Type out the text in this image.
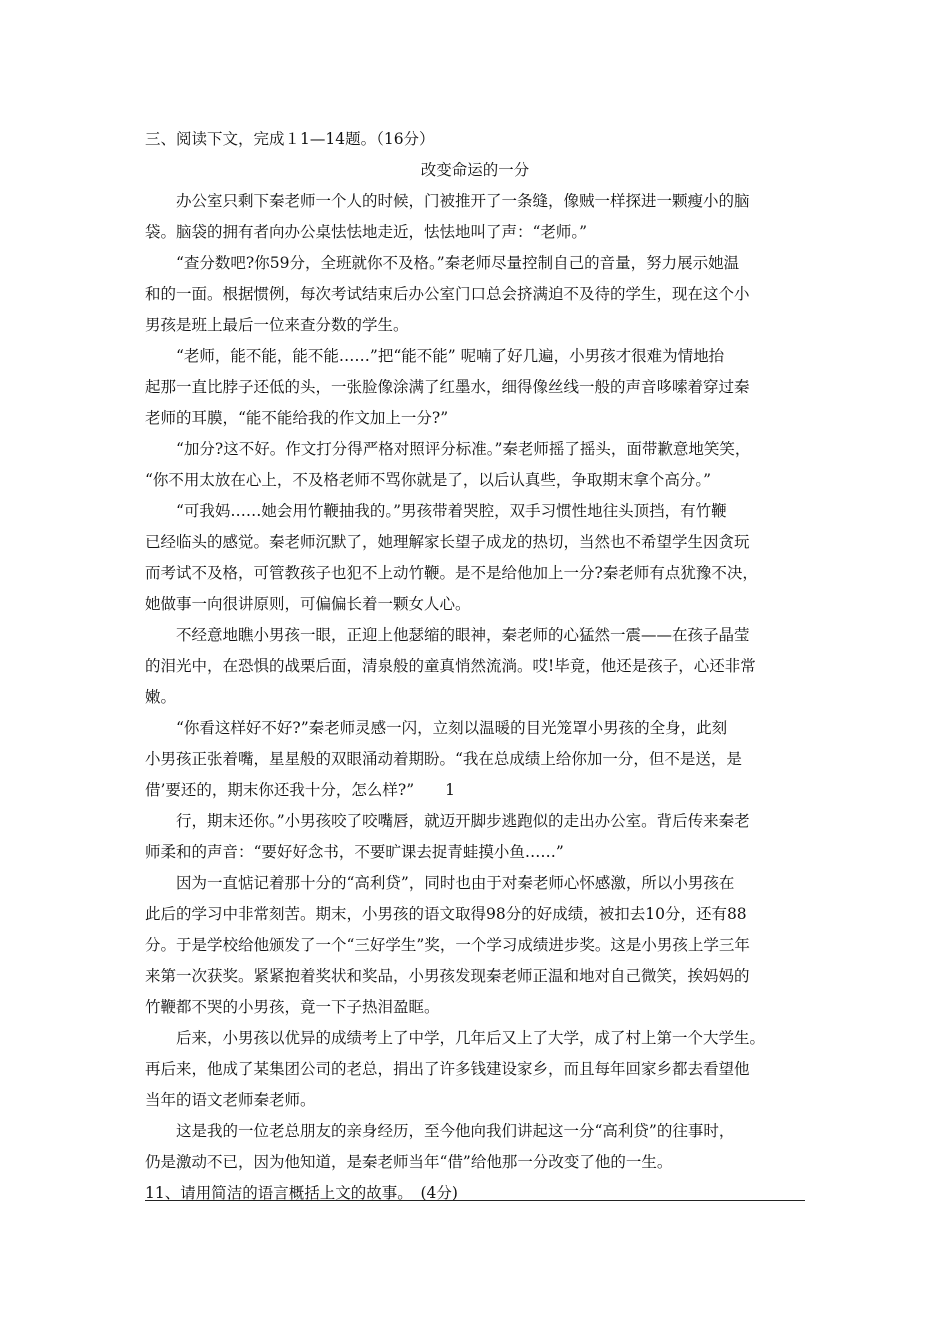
三、阅读下文，完成１1—14题。（16分）
改变命运的一分
办公室只剩下秦老师一个人的时候，门被推开了一条缝，像贼一样探进一颗瘦小的脑
袋。脑袋的拥有者向办公桌怯怯地走近，怯怯地叫了声：“老师。”
“查分数吧?你59分，全班就你不及格。”秦老师尽量控制自己的音量，努力展示她温
和的一面。根据惯例，每次考试结束后办公室门口总会挤满迫不及待的学生，现在这个小
男孩是班上最后一位来查分数的学生。
“老师，能不能，能不能……”把“能不能” 呢喃了好几遍，小男孩才很难为情地抬
起那一直比脖子还低的头，一张脸像涂满了红墨水，细得像丝线一般的声音哆嗦着穿过秦
老师的耳膜，“能不能给我的作文加上一分?”
“加分?这不好。作文打分得严格对照评分标准。”秦老师摇了摇头，面带歉意地笑笑，
“你不用太放在心上，不及格老师不骂你就是了，以后认真些，争取期末拿个高分。”
“可我妈……她会用竹鞭抽我的。”男孩带着哭腔，双手习惯性地往头顶挡，有竹鞭
已经临头的感觉。秦老师沉默了，她理解家长望子成龙的热切，当然也不希望学生因贪玩
而考试不及格，可管教孩子也犯不上动竹鞭。是不是给他加上一分?秦老师有点犹豫不决，
她做事一向很讲原则，可偏偏长着一颗女人心。
不经意地瞧小男孩一眼，正迎上他瑟缩的眼神，秦老师的心猛然一震——在孩子晶莹
的泪光中，在恐惧的战栗后面，清泉般的童真悄然流淌。哎!毕竟，他还是孩子，心还非常
嫩。
“你看这样好不好?”秦老师灵感一闪，立刻以温暖的目光笼罩小男孩的全身，此刻
小男孩正张着嘴，星星般的双眼涌动着期盼。“我在总成绩上给你加一分，但不是送，是
借’要还的，期末你还我十分，怎么样?”　　1
行，期末还你。”小男孩咬了咬嘴唇，就迈开脚步逃跑似的走出办公室。背后传来秦老
师柔和的声音：“要好好念书，不要旷课去捉青蛙摸小鱼……”
因为一直惦记着那十分的“高利贷”，同时也由于对秦老师心怀感激，所以小男孩在
此后的学习中非常刻苦。期末，小男孩的语文取得98分的好成绩，被扣去10分，还有88
分。于是学校给他颁发了一个“三好学生”奖，一个学习成绩进步奖。这是小男孩上学三年
来第一次获奖。紧紧抱着奖状和奖品，小男孩发现秦老师正温和地对自己微笑，挨妈妈的
竹鞭都不哭的小男孩，竟一下子热泪盈眶。
后来，小男孩以优异的成绩考上了中学，几年后又上了大学，成了村上第一个大学生。
再后来，他成了某集团公司的老总，捐出了许多钱建设家乡，而且每年回家乡都去看望他
当年的语文老师秦老师。
这是我的一位老总朋友的亲身经历，至今他向我们讲起这一分“高利贷”的往事时，
仍是激动不已，因为他知道，是秦老师当年“借”给他那一分改变了他的一生。
11、请用简洁的语言概括上文的故事。　(4分)
